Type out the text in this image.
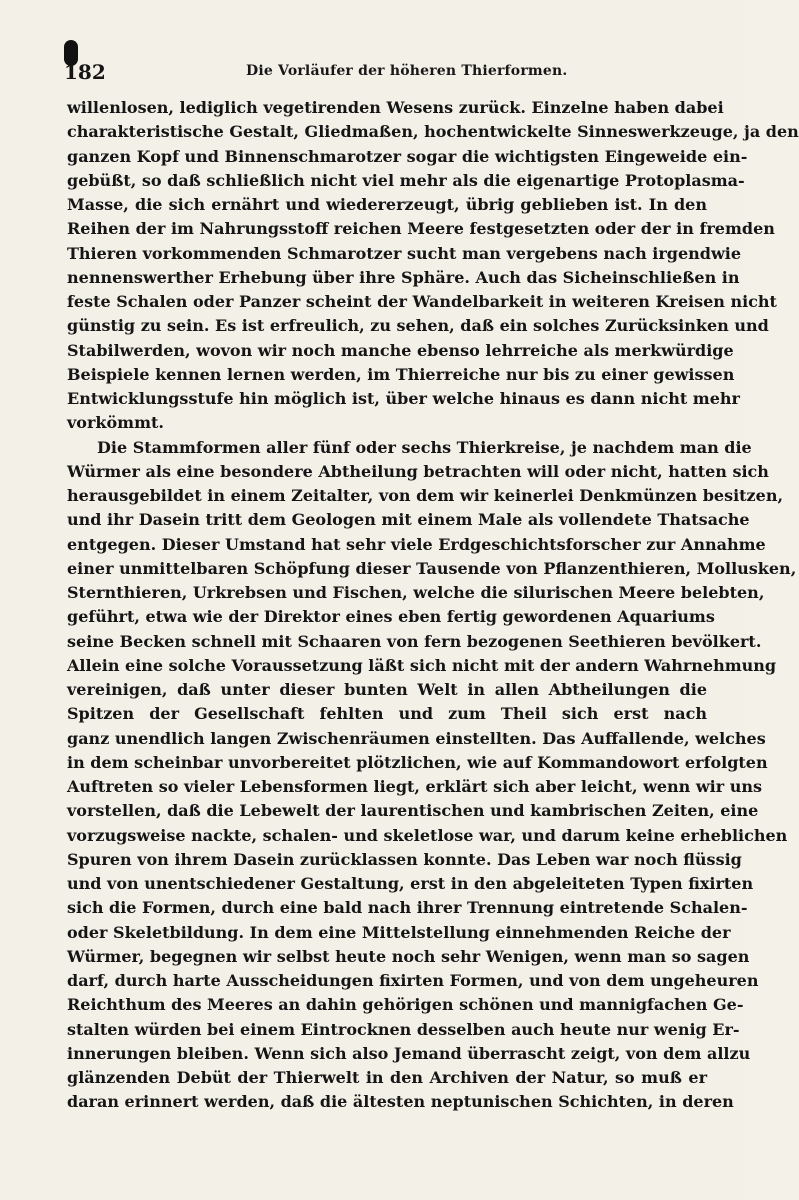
182	Die Vorläufer der höheren Thierformen.
willenlosen, lediglich vegetirenden Wesens zurück. Einzelne haben dabei
charakteristische Gestalt, Gliedmaßen, hochentwickelte Sinneswerkzeuge, ja den
ganzen Kopf und Binnenschmarotzer sogar die wichtigsten Eingeweide ein-
gebüßt, so daß schließlich nicht viel mehr als die eigenartige Protoplasma-
Masse, die sich ernährt und wiedererzeugt, übrig geblieben ist. In den
Reihen der im Nahrungsstoff reichen Meere festgesetzten oder der in fremden
Thieren vorkommenden Schmarotzer sucht man vergebens nach irgendwie
nennenswerther Erhebung über ihre Sphäre. Auch das Sicheinschließen in
feste Schalen oder Panzer scheint der Wandelbarkeit in weiteren Kreisen nicht
günstig zu sein. Es ist erfreulich, zu sehen, daß ein solches Zurücksinken und
Stabilwerden, wovon wir noch manche ebenso lehrreiche als merkwürdige
Beispiele kennen lernen werden, im Thierreiche nur bis zu einer gewissen
Entwicklungsstufe hin möglich ist, über welche hinaus es dann nicht mehr
vorkömmt.
Die Stammformen aller fünf oder sechs Thierkreise, je nachdem man die
Würmer als eine besondere Abtheilung betrachten will oder nicht, hatten sich
herausgebildet in einem Zeitalter, von dem wir keinerlei Denkmünzen besitzen,
und ihr Dasein tritt dem Geologen mit einem Male als vollendete Thatsache
entgegen. Dieser Umstand hat sehr viele Erdgeschichtsforscher zur Annahme
einer unmittelbaren Schöpfung dieser Tausende von Pflanzenthieren, Mollusken,
Sternthieren, Urkrebsen und Fischen, welche die silurischen Meere belebten,
geführt, etwa wie der Direktor eines eben fertig gewordenen Aquariums
seine Becken schnell mit Schaaren von fern bezogenen Seethieren bevölkert.
Allein eine solche Voraussetzung läßt sich nicht mit der andern Wahrnehmung
vereinigen, daß unter dieser bunten Welt in allen Abtheilungen die
Spitzen der Gesellschaft fehlten und zum Theil sich erst nach
ganz unendlich langen Zwischenräumen einstellten. Das Auffallende, welches
in dem scheinbar unvorbereitet plötzlichen, wie auf Kommandowort erfolgten
Auftreten so vieler Lebensformen liegt, erklärt sich aber leicht, wenn wir uns
vorstellen, daß die Lebewelt der laurentischen und kambrischen Zeiten, eine
vorzugsweise nackte, schalen- und skeletlose war, und darum keine erheblichen
Spuren von ihrem Dasein zurücklassen konnte. Das Leben war noch flüssig
und von unentschiedener Gestaltung, erst in den abgeleiteten Typen fixirten
sich die Formen, durch eine bald nach ihrer Trennung eintretende Schalen-
oder Skeletbildung. In dem eine Mittelstellung einnehmenden Reiche der
Würmer, begegnen wir selbst heute noch sehr Wenigen, wenn man so sagen
darf, durch harte Ausscheidungen fixirten Formen, und von dem ungeheuren
Reichthum des Meeres an dahin gehörigen schönen und mannigfachen Ge-
stalten würden bei einem Eintrocknen desselben auch heute nur wenig Er-
innerungen bleiben. Wenn sich also Jemand überrascht zeigt, von dem allzu
glänzenden Debüt der Thierwelt in den Archiven der Natur, so muß er
daran erinnert werden, daß die ältesten neptunischen Schichten, in deren
